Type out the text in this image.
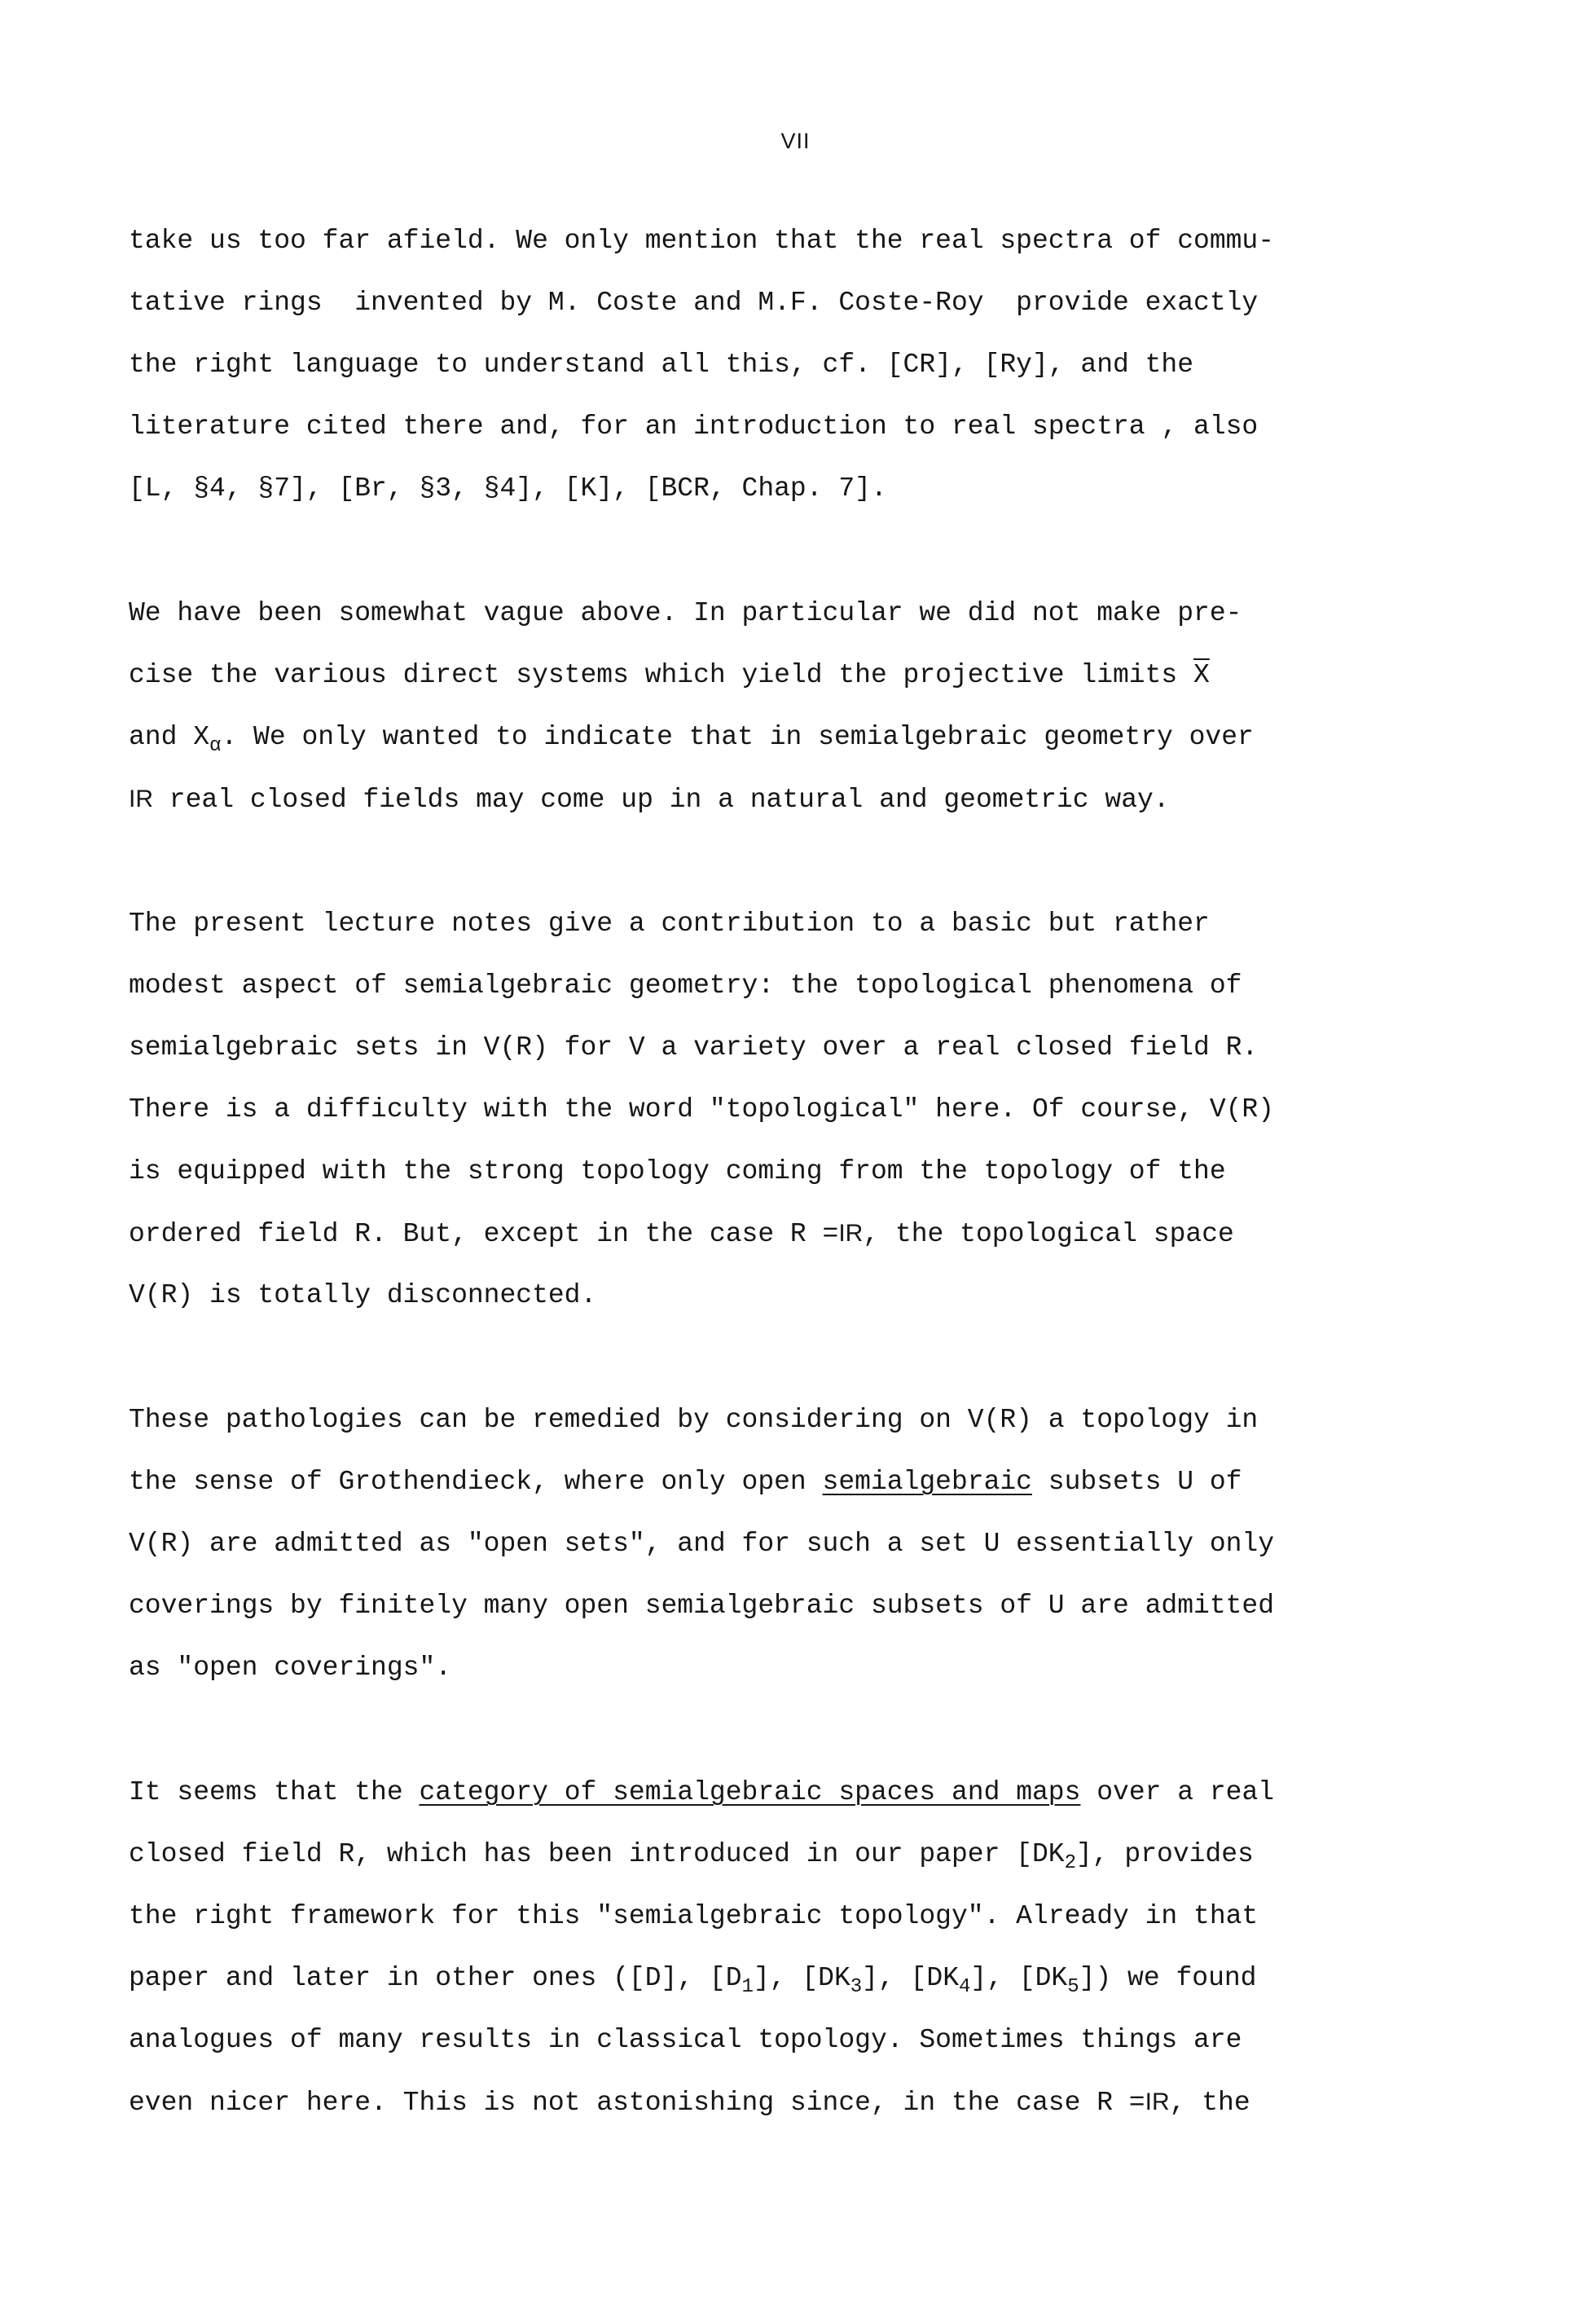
VII
take us too far afield. We only mention that the real spectra of commu-
tative rings  invented by M. Coste and M.F. Coste-Roy  provide exactly
the right language to understand all this, cf. [CR], [Ry], and the
literature cited there and, for an introduction to real spectra , also
[L, §4, §7], [Br, §3, §4], [K], [BCR, Chap. 7].
We have been somewhat vague above. In particular we did not make pre-
cise the various direct systems which yield the projective limits $\overline{X}$
and $X_\alpha$. We only wanted to indicate that in semialgebraic geometry over
IR real closed fields may come up in a natural and geometric way.
The present lecture notes give a contribution to a basic but rather
modest aspect of semialgebraic geometry: the topological phenomena of
semialgebraic sets in V(R) for V a variety over a real closed field R.
There is a difficulty with the word "topological" here. Of course, V(R)
is equipped with the strong topology coming from the topology of the
ordered field R. But, except in the case R =IR, the topological space
V(R) is totally disconnected.
These pathologies can be remedied by considering on V(R) a topology in
the sense of Grothendieck, where only open semialgebraic subsets U of
V(R) are admitted as "open sets", and for such a set U essentially only
coverings by finitely many open semialgebraic subsets of U are admitted
as "open coverings".
It seems that the category of semialgebraic spaces and maps over a real
closed field R, which has been introduced in our paper $[DK_2]$, provides
the right framework for this "semialgebraic topology". Already in that
paper and later in other ones ([D], $[D_1]$, $[DK_3]$, $[DK_4]$, $[DK_5]$) we found
analogues of many results in classical topology. Sometimes things are
even nicer here. This is not astonishing since, in the case R =IR, the
